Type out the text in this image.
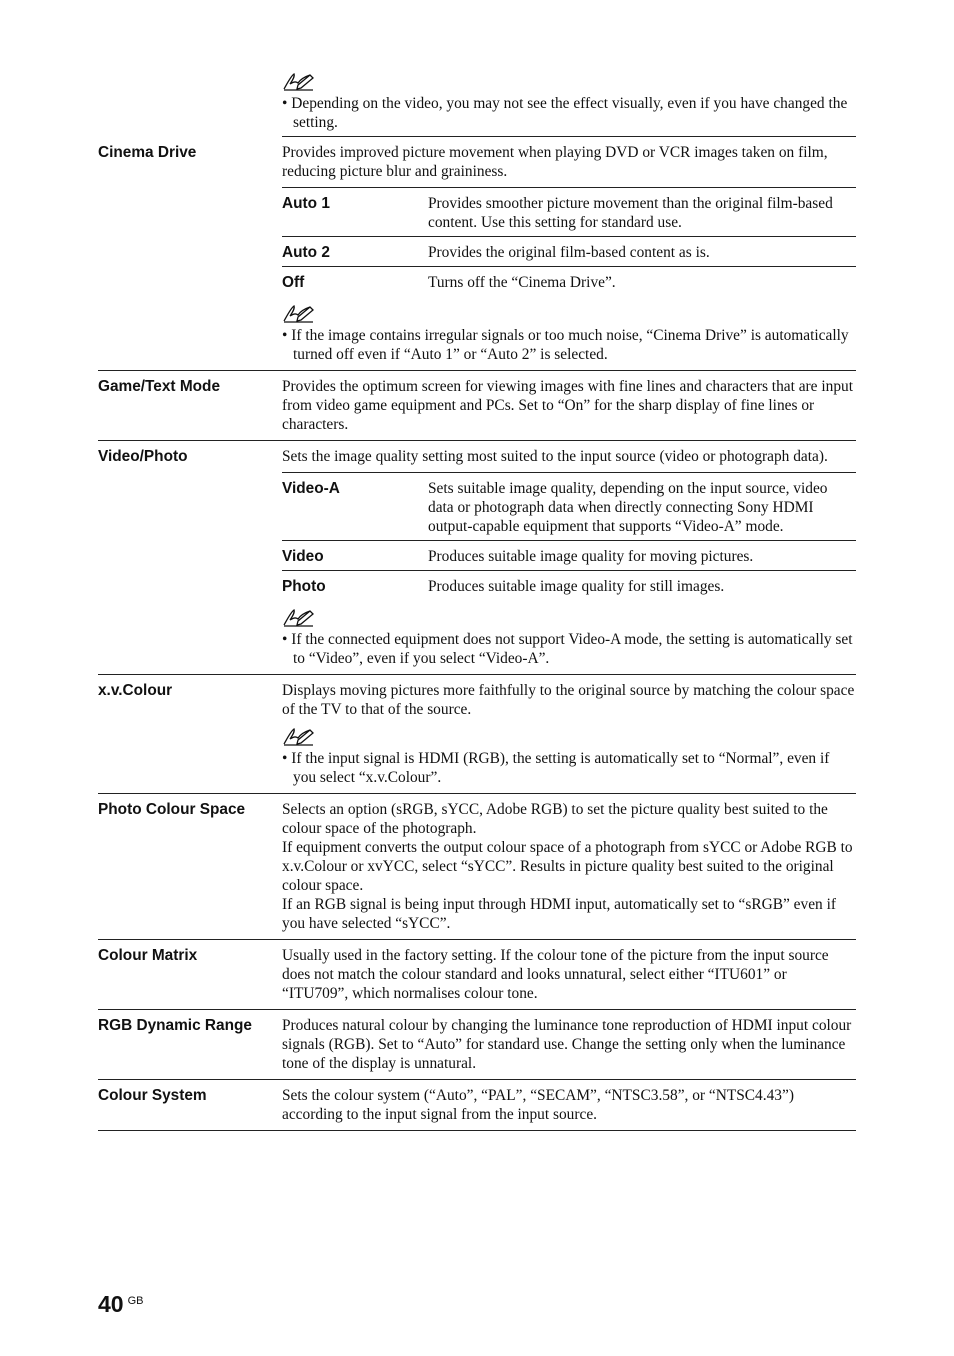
• Depending on the video, you may not see the effect visually, even if you have changed the setting.

Cinema Drive	Provides improved picture movement when playing DVD or VCR images taken on film, reducing picture blur and graininess.

Auto 1	Provides smoother picture movement than the original film-based content. Use this setting for standard use.
Auto 2	Provides the original film-based content as is.
Off	Turns off the “Cinema Drive”.

• If the image contains irregular signals or too much noise, “Cinema Drive” is automatically turned off even if “Auto 1” or “Auto 2” is selected.

Game/Text Mode	Provides the optimum screen for viewing images with fine lines and characters that are input from video game equipment and PCs. Set to “On” for the sharp display of fine lines or characters.

Video/Photo	Sets the image quality setting most suited to the input source (video or photograph data).

Video-A	Sets suitable image quality, depending on the input source, video data or photograph data when directly connecting Sony HDMI output-capable equipment that supports “Video-A” mode.
Video	Produces suitable image quality for moving pictures.
Photo	Produces suitable image quality for still images.

• If the connected equipment does not support Video-A mode, the setting is automatically set to “Video”, even if you select “Video-A”.

x.v.Colour	Displays moving pictures more faithfully to the original source by matching the colour space of the TV to that of the source.

• If the input signal is HDMI (RGB), the setting is automatically set to “Normal”, even if you select “x.v.Colour”.

Photo Colour Space	Selects an option (sRGB, sYCC, Adobe RGB) to set the picture quality best suited to the colour space of the photograph.

If equipment converts the output colour space of a photograph from sYCC or Adobe RGB to x.v.Colour or xvYCC, select “sYCC”. Results in picture quality best suited to the original colour space.

If an RGB signal is being input through HDMI input, automatically set to “sRGB” even if you have selected “sYCC”.

Colour Matrix	Usually used in the factory setting. If the colour tone of the picture from the input source does not match the colour standard and looks unnatural, select either “ITU601” or “ITU709”, which normalises colour tone.

RGB Dynamic Range	Produces natural colour by changing the luminance tone reproduction of HDMI input colour signals (RGB). Set to “Auto” for standard use. Change the setting only when the luminance tone of the display is unnatural.

Colour System	Sets the colour system (“Auto”, “PAL”, “SECAM”, “NTSC3.58”, or “NTSC4.43”) according to the input signal from the input source.

40 GB
